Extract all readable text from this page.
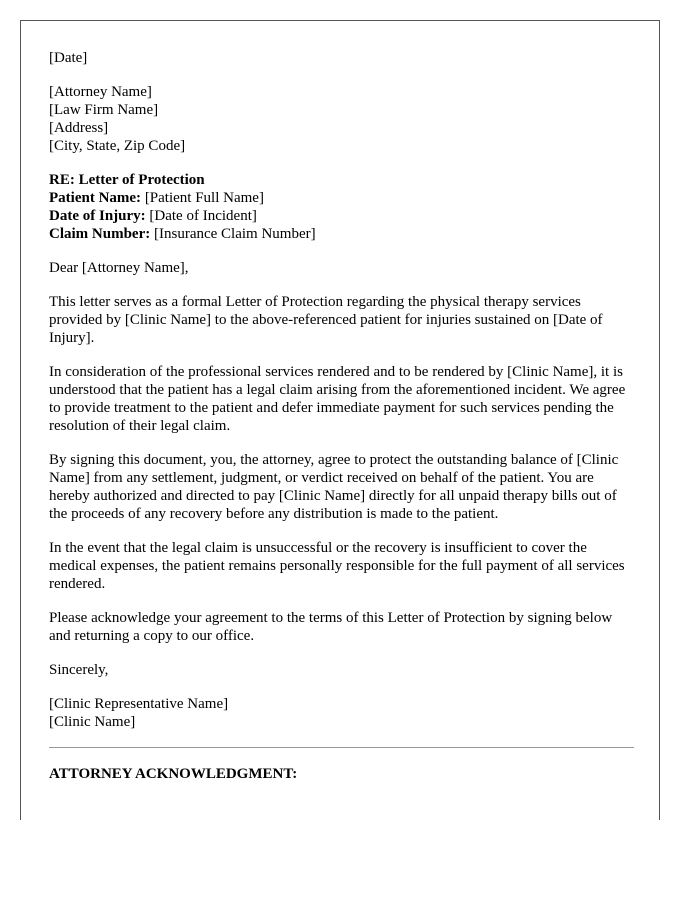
[Date]
[Attorney Name]
[Law Firm Name]
[Address]
[City, State, Zip Code]
RE: Letter of Protection
Patient Name: [Patient Full Name]
Date of Injury: [Date of Incident]
Claim Number: [Insurance Claim Number]

Dear [Attorney Name],

This letter serves as a formal Letter of Protection regarding the physical therapy services provided by [Clinic Name] to the above-referenced patient for injuries sustained on [Date of Injury].

In consideration of the professional services rendered and to be rendered by [Clinic Name], it is understood that the patient has a legal claim arising from the aforementioned incident. We agree to provide treatment to the patient and defer immediate payment for such services pending the resolution of their legal claim.

By signing this document, you, the attorney, agree to protect the outstanding balance of [Clinic Name] from any settlement, judgment, or verdict received on behalf of the patient. You are hereby authorized and directed to pay [Clinic Name] directly for all unpaid therapy bills out of the proceeds of any recovery before any distribution is made to the patient.

In the event that the legal claim is unsuccessful or the recovery is insufficient to cover the medical expenses, the patient remains personally responsible for the full payment of all services rendered.

Please acknowledge your agreement to the terms of this Letter of Protection by signing below and returning a copy to our office.

Sincerely,

[Clinic Representative Name]
[Clinic Name]

ATTORNEY ACKNOWLEDGMENT:
